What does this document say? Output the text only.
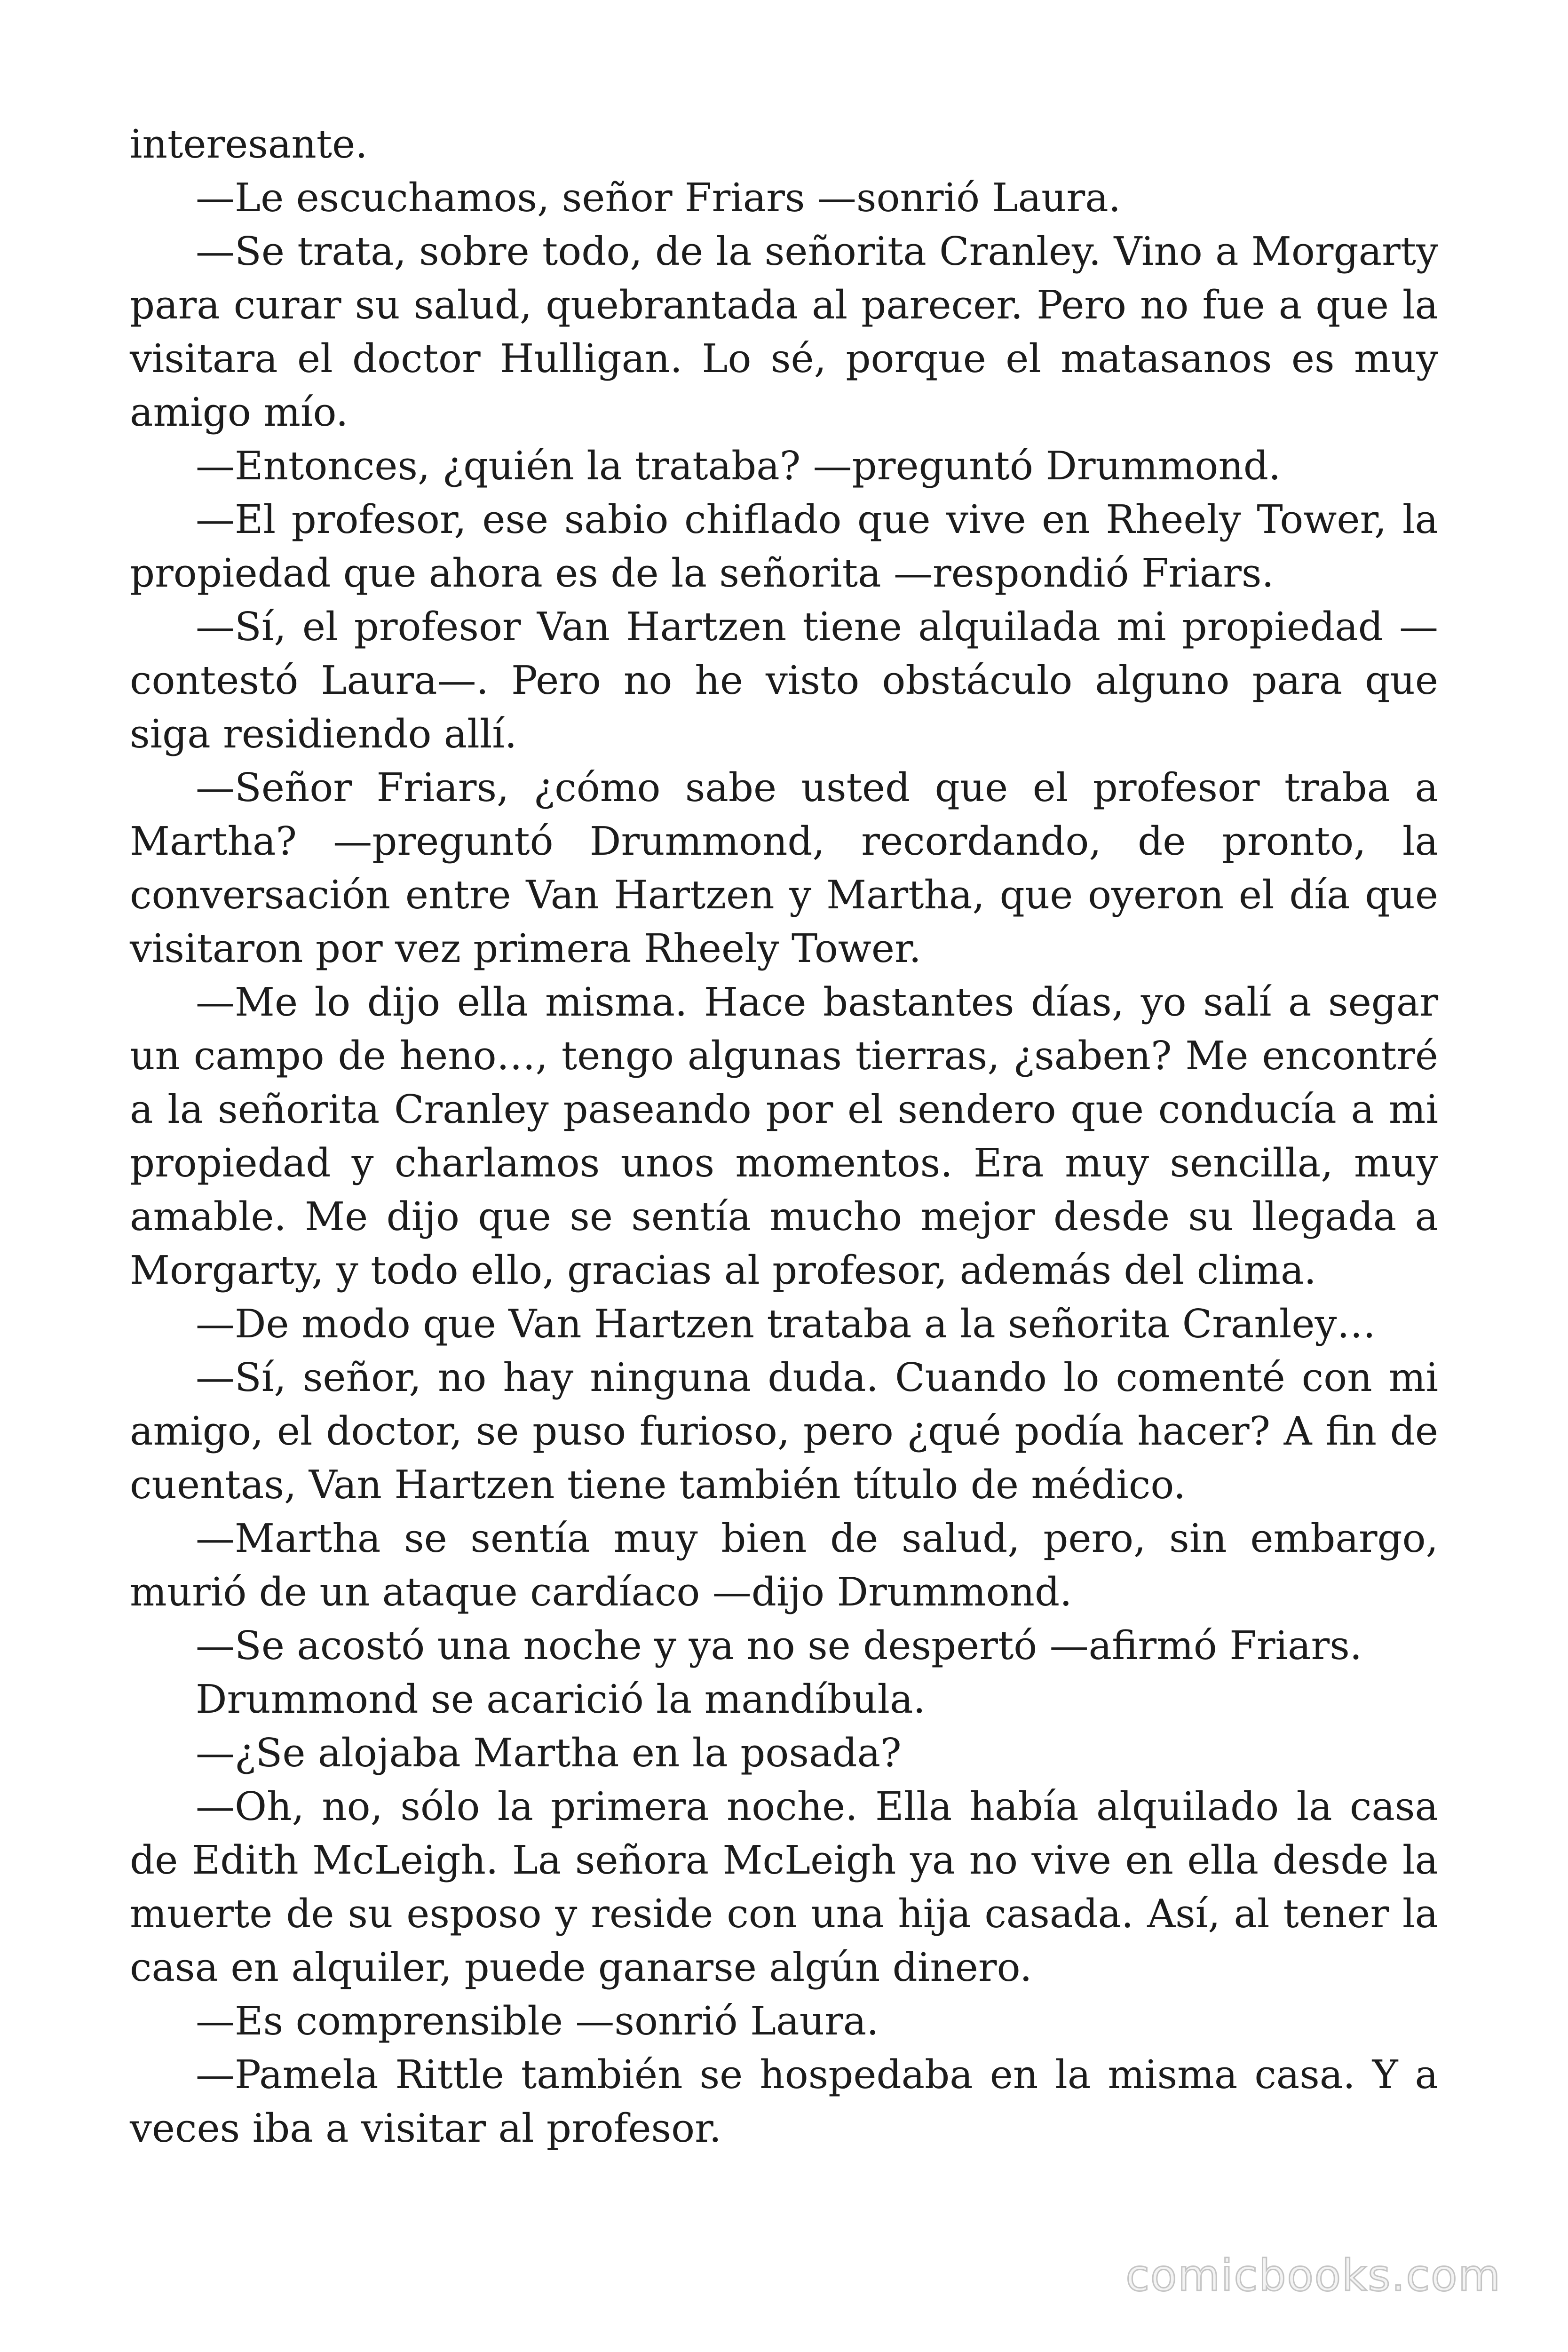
interesante.

—Le escuchamos, señor Friars —sonrió Laura.

—Se trata, sobre todo, de la señorita Cranley. Vino a Morgarty para curar su salud, quebrantada al parecer. Pero no fue a que la visitara el doctor Hulligan. Lo sé, porque el matasanos es muy amigo mío.

—Entonces, ¿quién la trataba? —preguntó Drummond.

—El profesor, ese sabio chiflado que vive en Rheely Tower, la propiedad que ahora es de la señorita —respondió Friars.

—Sí, el profesor Van Hartzen tiene alquilada mi propiedad —contestó Laura—. Pero no he visto obstáculo alguno para que siga residiendo allí.

—Señor Friars, ¿cómo sabe usted que el profesor traba a Martha? —preguntó Drummond, recordando, de pronto, la conversación entre Van Hartzen y Martha, que oyeron el día que visitaron por vez primera Rheely Tower.

—Me lo dijo ella misma. Hace bastantes días, yo salí a segar un campo de heno…, tengo algunas tierras, ¿saben? Me encontré a la señorita Cranley paseando por el sendero que conducía a mi propiedad y charlamos unos momentos. Era muy sencilla, muy amable. Me dijo que se sentía mucho mejor desde su llegada a Morgarty, y todo ello, gracias al profesor, además del clima.

—De modo que Van Hartzen trataba a la señorita Cranley…

—Sí, señor, no hay ninguna duda. Cuando lo comenté con mi amigo, el doctor, se puso furioso, pero ¿qué podía hacer? A fin de cuentas, Van Hartzen tiene también título de médico.

—Martha se sentía muy bien de salud, pero, sin embargo, murió de un ataque cardíaco —dijo Drummond.

—Se acostó una noche y ya no se despertó —afirmó Friars.

Drummond se acarició la mandíbula.

—¿Se alojaba Martha en la posada?

—Oh, no, sólo la primera noche. Ella había alquilado la casa de Edith McLeigh. La señora McLeigh ya no vive en ella desde la muerte de su esposo y reside con una hija casada. Así, al tener la casa en alquiler, puede ganarse algún dinero.

—Es comprensible —sonrió Laura.

—Pamela Rittle también se hospedaba en la misma casa. Y a veces iba a visitar al profesor.

comicbooks.com
